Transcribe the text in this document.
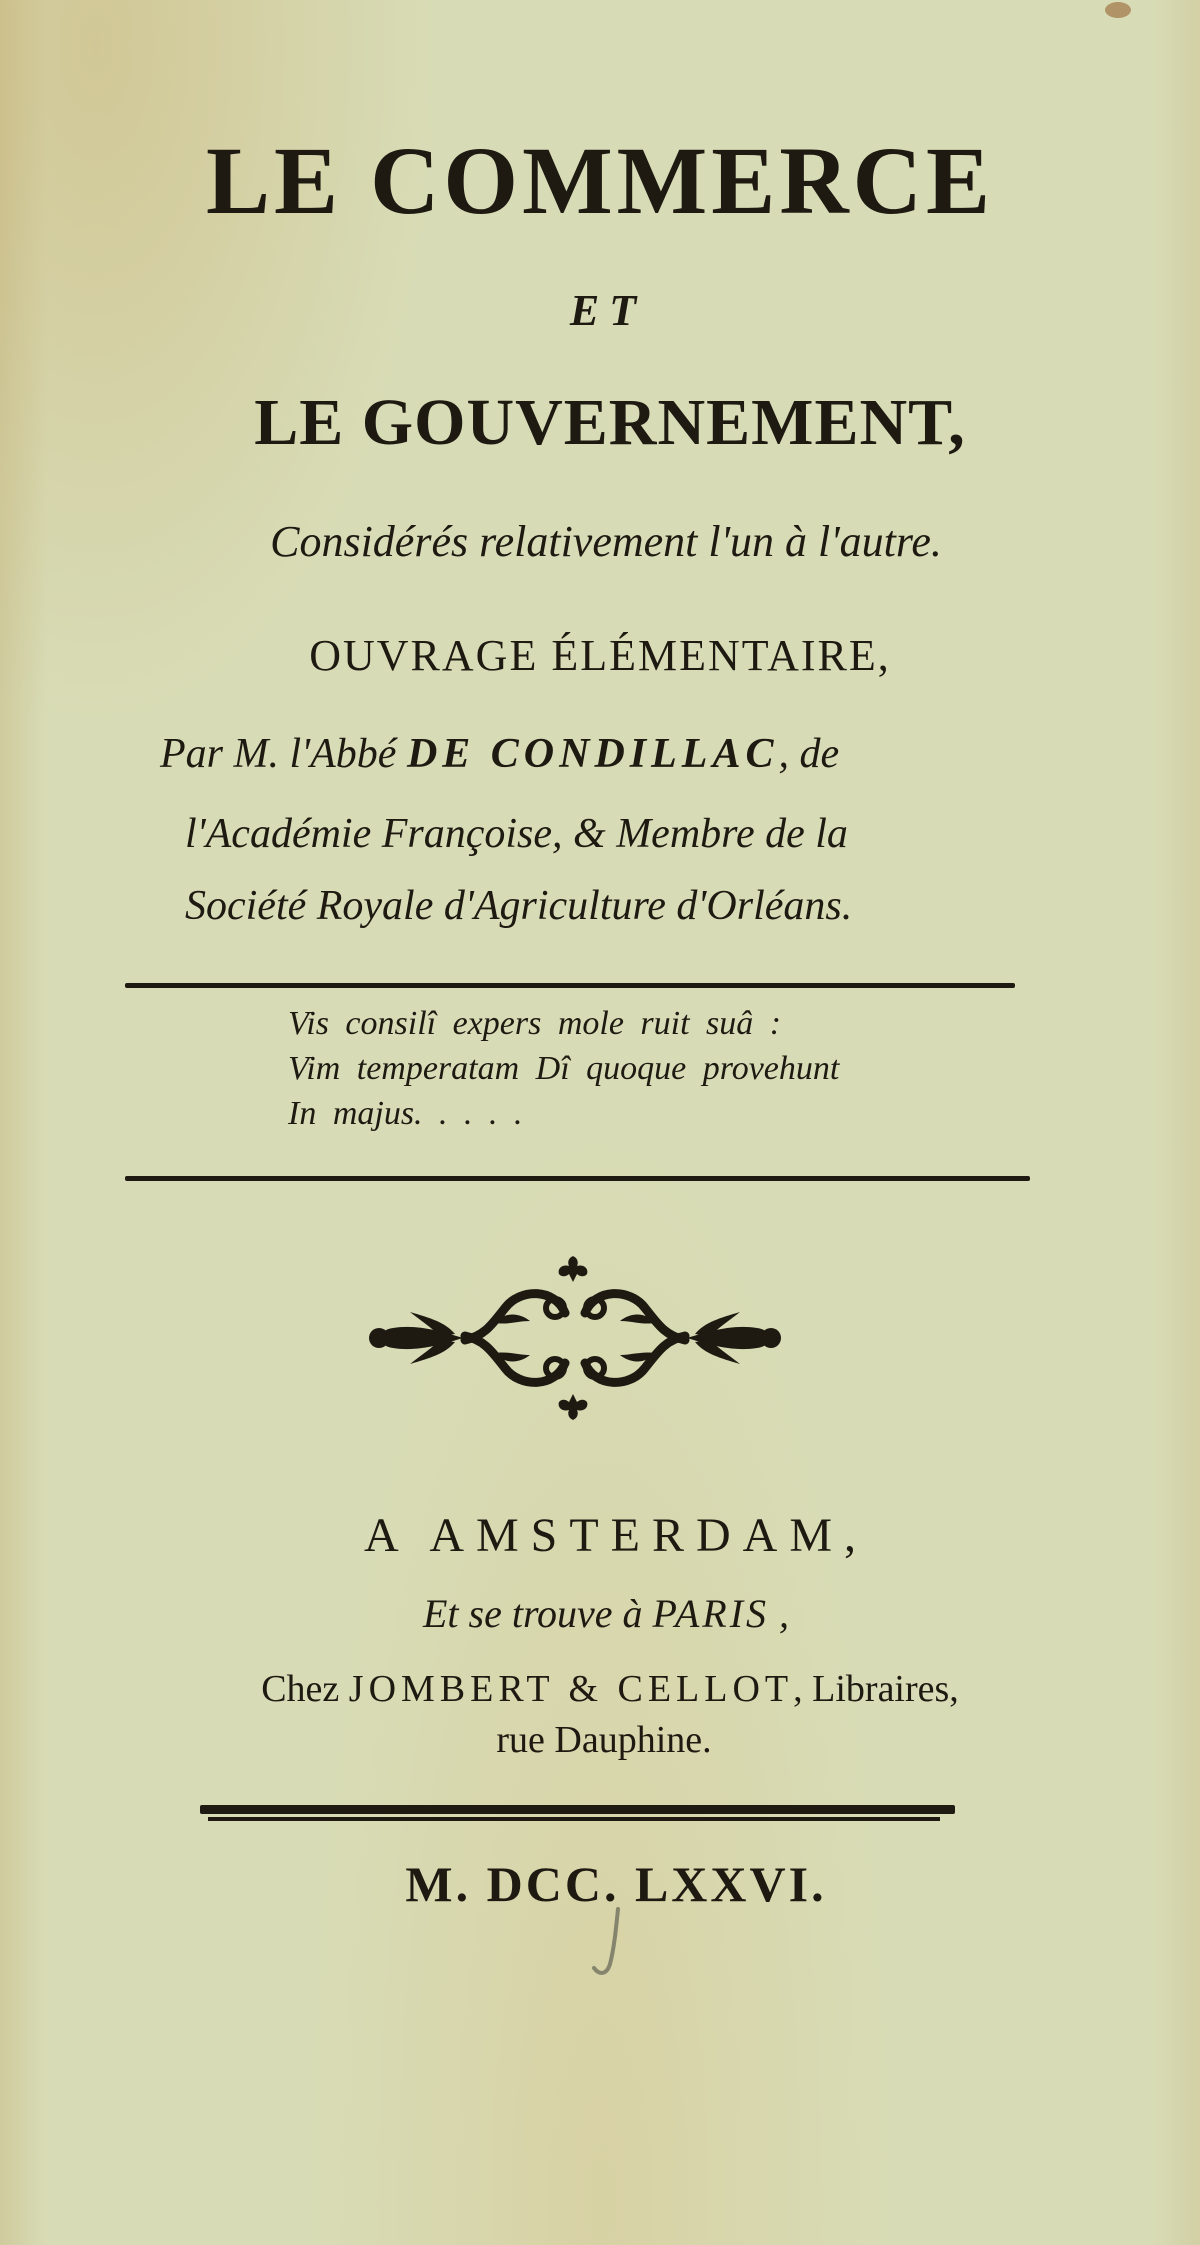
LE COMMERCE
ET
LE GOUVERNEMENT,
Considérés relativement l'un à l'autre.
OUVRAGE ÉLÉMENTAIRE,
Par M. l'Abbé DE CONDILLAC, de
l'Académie Françoise, & Membre de la
Société Royale d'Agriculture d'Orléans.
Vis consilî expers mole ruit suâ :
Vim temperatam Dî quoque provehunt
In majus. . . . .
A AMSTERDAM,
Et se trouve à PARIS ,
Chez JOMBERT & CELLOT, Libraires,
rue Dauphine.
M. DCC. LXXVI.
